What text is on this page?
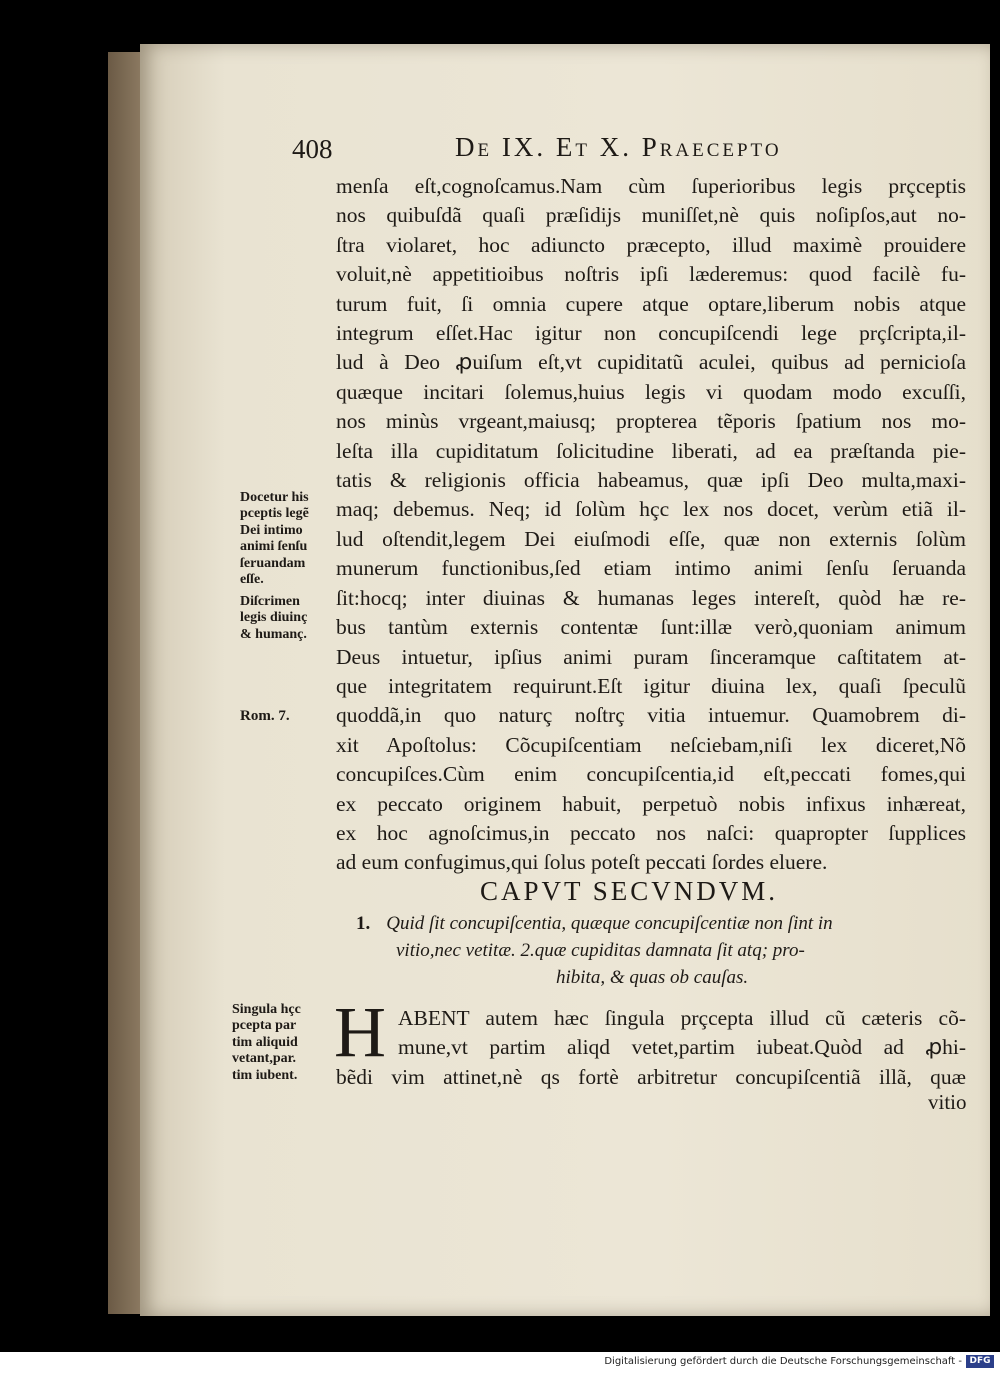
408	De IX. Et X. Praecepto
menſa eſt,cognoſcamus.Nam cùm ſuperioribus legis prçceptis
nos quibuſdã quaſi præſidijs muniſſet,nè quis noſipſos,aut no-
ſtra violaret, hoc adiuncto præcepto, illud maximè prouidere
voluit,nè appetitioibus noſtris ipſi læderemus: quod facilè fu-
turum fuit, ſi omnia cupere atque optare,liberum nobis atque
integrum eſſet.Hac igitur non concupiſcendi lege prçſcripta,il-
lud à Deo ꝓuiſum eſt,vt cupiditatũ aculei, quibus ad pernicioſa
quæque incitari ſolemus,huius legis vi quodam modo excuſſi,
nos minùs vrgeant,maiusq; propterea tẽporis ſpatium nos mo-
leſta illa cupiditatum ſolicitudine liberati, ad ea præſtanda pie-
tatis & religionis officia habeamus, quæ ipſi Deo multa,maxi-
maq; debemus. Neq; id ſolùm hçc lex nos docet, verùm etiã il-
lud oſtendit,legem Dei eiuſmodi eſſe, quæ non externis ſolùm
munerum functionibus,ſed etiam intimo animi ſenſu ſeruanda
ſit:hocq; inter diuinas & humanas leges intereſt, quòd hæ re-
bus tantùm externis contentæ ſunt:illæ verò,quoniam animum
Deus intuetur, ipſius animi puram ſinceramque caſtitatem at-
que integritatem requirunt.Eſt igitur diuina lex, quaſi ſpeculũ
quoddã,in quo naturç noſtrç vitia intuemur. Quamobrem di-
xit Apoſtolus: Cõcupiſcentiam neſciebam,niſi lex diceret,Nõ
concupiſces.Cùm enim concupiſcentia,id eſt,peccati fomes,qui
ex peccato originem habuit, perpetuò nobis infixus inhæreat,
ex hoc agnoſcimus,in peccato nos naſci: quapropter ſupplices
ad eum confugimus,qui ſolus poteſt peccati ſordes eluere.
CAPVT SECVNDVM.
1. Quid ſit concupiſcentia, quæque concupiſcentiæ non ſint in
vitio,nec vetitæ. 2.quæ cupiditas damnata ſit atq; pro-
hibita, & quas ob cauſas.
H ABENT autem hæc ſingula prçcepta illud cũ cæteris cõ-
mune,vt partim aliqd vetet,partim iubeat.Quòd ad ꝓhi-
bẽdi vim attinet,nè qs fortè arbitretur concupiſcentiã illã, quæ
vitio
Docetur his
pceptis legẽ
Dei intimo
animi ſenſu
ſeruandam
eſſe.
Diſcrimen
legis diuinç
& humanç.
Rom. 7.
Singula hçc
pcepta par
tim aliquid
vetant,par.
tim iubent.
Digitalisierung gefördert durch die Deutsche Forschungsgemeinschaft - DFG
